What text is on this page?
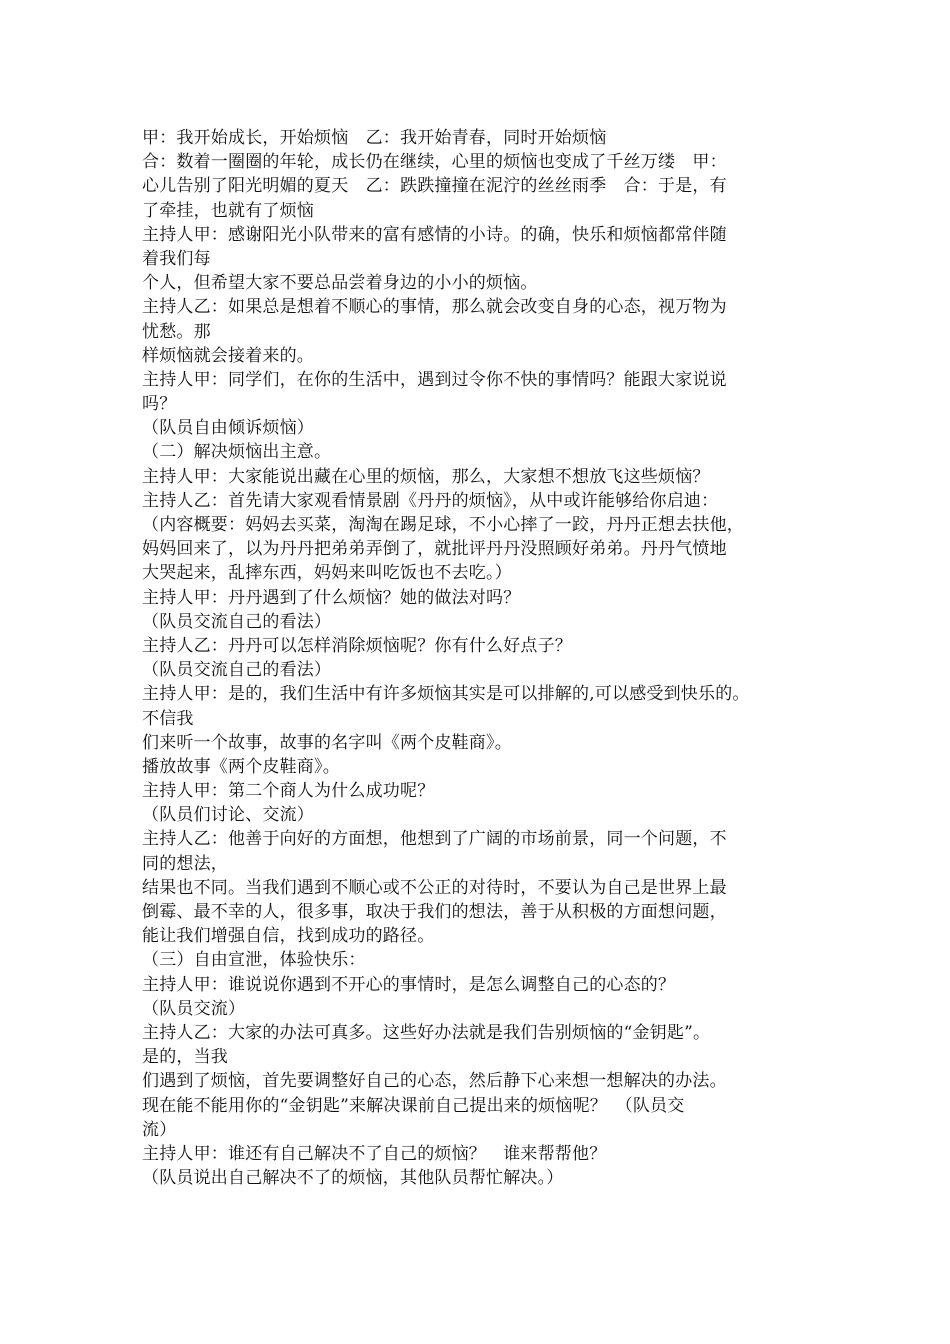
甲：我开始成长，开始烦恼　乙：我开始青春，同时开始烦恼
合：数着一圈圈的年轮，成长仍在继续，心里的烦恼也变成了千丝万缕　甲：
心儿告别了阳光明媚的夏天　乙：跌跌撞撞在泥泞的丝丝雨季　合：于是，有
了牵挂，也就有了烦恼
主持人甲：感谢阳光小队带来的富有感情的小诗。的确，快乐和烦恼都常伴随
着我们每
个人，但希望大家不要总品尝着身边的小小的烦恼。
主持人乙：如果总是想着不顺心的事情，那么就会改变自身的心态，视万物为
忧愁。那
样烦恼就会接着来的。
主持人甲：同学们，在你的生活中，遇到过令你不快的事情吗？能跟大家说说
吗？
（队员自由倾诉烦恼）
（二）解决烦恼出主意。
主持人甲：大家能说出藏在心里的烦恼，那么，大家想不想放飞这些烦恼？
主持人乙：首先请大家观看情景剧《丹丹的烦恼》，从中或许能够给你启迪：
（内容概要：妈妈去买菜，淘淘在踢足球，不小心摔了一跤，丹丹正想去扶他，
妈妈回来了，以为丹丹把弟弟弄倒了，就批评丹丹没照顾好弟弟。丹丹气愤地
大哭起来，乱摔东西，妈妈来叫吃饭也不去吃。）
主持人甲：丹丹遇到了什么烦恼？她的做法对吗？
（队员交流自己的看法）
主持人乙：丹丹可以怎样消除烦恼呢？你有什么好点子？
（队员交流自己的看法）
主持人甲：是的，我们生活中有许多烦恼其实是可以排解的,可以感受到快乐的。
不信我
们来听一个故事，故事的名字叫《两个皮鞋商》。
播放故事《两个皮鞋商》。
主持人甲：第二个商人为什么成功呢？
（队员们讨论、交流）
主持人乙：他善于向好的方面想，他想到了广阔的市场前景，同一个问题，不
同的想法，
结果也不同。当我们遇到不顺心或不公正的对待时，不要认为自己是世界上最
倒霉、最不幸的人，很多事，取决于我们的想法，善于从积极的方面想问题，
能让我们增强自信，找到成功的路径。
（三）自由宣泄，体验快乐：
主持人甲：谁说说你遇到不开心的事情时，是怎么调整自己的心态的？
（队员交流）
主持人乙：大家的办法可真多。这些好办法就是我们告别烦恼的“金钥匙”。
是的，当我
们遇到了烦恼，首先要调整好自己的心态，然后静下心来想一想解决的办法。
现在能不能用你的“金钥匙”来解决课前自己提出来的烦恼呢？　（队员交
流）
主持人甲：谁还有自己解决不了自己的烦恼？　谁来帮帮他？
（队员说出自己解决不了的烦恼，其他队员帮忙解决。）
